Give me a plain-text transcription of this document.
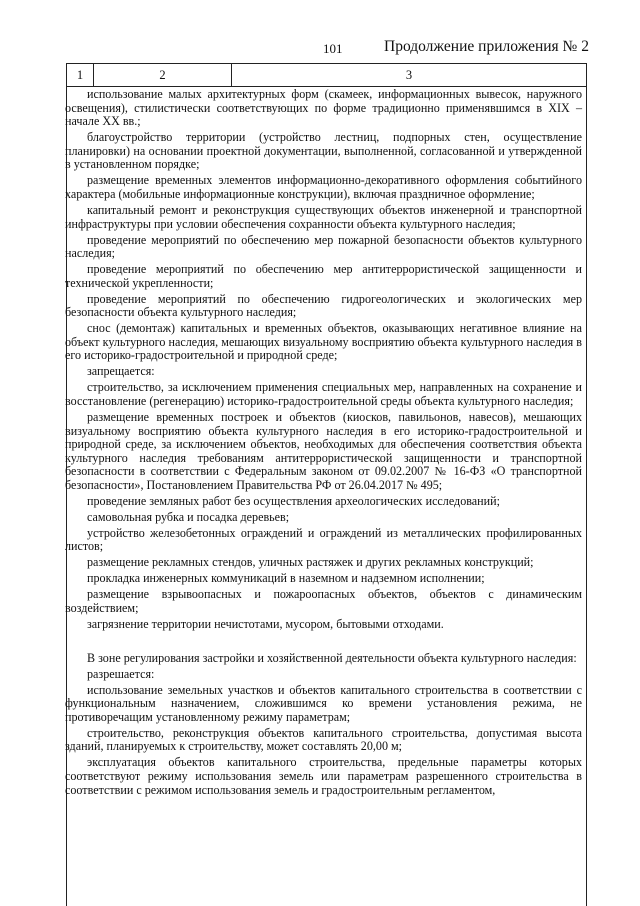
101	Продолжение приложения № 2
1	2	3

использование малых архитектурных форм (скамеек, информационных вывесок, наружного освещения), стилистически соответствующих по форме традиционно применявшимся в XIX – начале XX вв.;

благоустройство территории (устройство лестниц, подпорных стен, осуществление планировки) на основании проектной документации, выполненной, согласованной и утвержденной в установленном порядке;

размещение временных элементов информационно-декоративного оформления событийного характера (мобильные информационные конструкции), включая праздничное оформление;

капитальный ремонт и реконструкция существующих объектов инженерной и транспортной инфраструктуры при условии обеспечения сохранности объекта культурного наследия;

проведение мероприятий по обеспечению мер пожарной безопасности объектов культурного наследия;

проведение мероприятий по обеспечению мер антитеррористической защищенности и технической укрепленности;

проведение мероприятий по обеспечению гидрогеологических и экологических мер безопасности объекта культурного наследия;

снос (демонтаж) капитальных и временных объектов, оказывающих негативное влияние на объект культурного наследия, мешающих визуальному восприятию объекта культурного наследия в его историко-градостроительной и природной среде;

запрещается:

строительство, за исключением применения специальных мер, направленных на сохранение и восстановление (регенерацию) историко-градостроительной среды объекта культурного наследия;

размещение временных построек и объектов (киосков, павильонов, навесов), мешающих визуальному восприятию объекта культурного наследия в его историко-градостроительной и природной среде, за исключением объектов, необходимых для обеспечения соответствия объекта культурного наследия требованиям антитеррористической защищенности и транспортной безопасности в соответствии с Федеральным законом от 09.02.2007 № 16-ФЗ «О транспортной безопасности», Постановлением Правительства РФ от 26.04.2017 № 495;

проведение земляных работ без осуществления археологических исследований;

самовольная рубка и посадка деревьев;

устройство железобетонных ограждений и ограждений из металлических профилированных листов;

размещение рекламных стендов, уличных растяжек и других рекламных конструкций;

прокладка инженерных коммуникаций в наземном и надземном исполнении;

размещение взрывоопасных и пожароопасных объектов, объектов с динамическим воздействием;

загрязнение территории нечистотами, мусором, бытовыми отходами.

В зоне регулирования застройки и хозяйственной деятельности объекта культурного наследия:

разрешается:

использование земельных участков и объектов капитального строительства в соответствии с функциональным назначением, сложившимся ко времени установления режима, не противоречащим установленному режиму параметрам;

строительство, реконструкция объектов капитального строительства, допустимая высота зданий, планируемых к строительству, может составлять 20,00 м;

эксплуатация объектов капитального строительства, предельные параметры которых соответствуют режиму использования земель или параметрам разрешенного строительства в соответствии с режимом использования земель и градостроительным регламентом,
